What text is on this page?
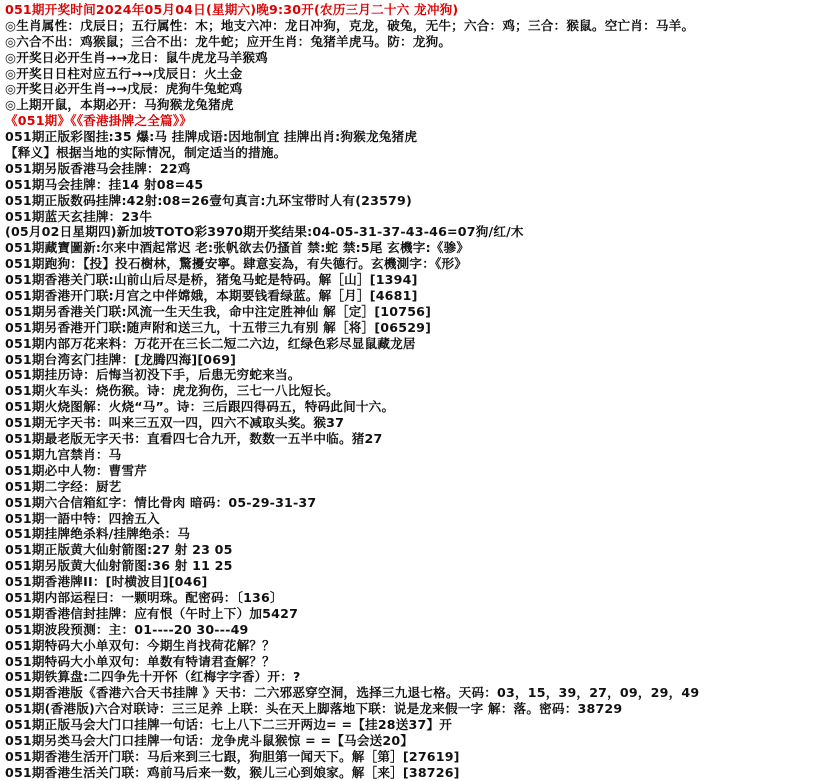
051期开奖时间2024年05月04日(星期六)晚9:30开(农历三月二十六 龙冲狗)
◎生肖属性：戊辰日；五行属性：木；地支六冲：龙日冲狗，克龙，破兔，无牛；六合：鸡；三合：猴鼠。空亡肖：马羊。
◎六合不出：鸡猴鼠；三合不出：龙牛蛇；应开生肖：兔猪羊虎马。防：龙狗。
◎开奖日必开生肖→→龙日：鼠牛虎龙马羊猴鸡
◎开奖日日柱对应五行→→戊辰日：火土金
◎开奖日必开生肖→→戊辰：虎狗牛兔蛇鸡
◎上期开鼠，本期必开：马狗猴龙兔猪虎
《051期》《《香港掛牌之全篇》》
051期正版彩图挂:35 爆:马 挂牌成语:因地制宜 挂牌出肖:狗猴龙兔猪虎
【释义】根据当地的实际情况，制定适当的措施。
051期另版香港马会挂牌：22鸡
051期马会挂牌：挂14 射08=45
051期正版数码挂牌:42射:08=26壹句真言:九环宝带时人有(23579)
051期蓝天玄挂牌：23牛
(05月02日星期四)新加坡TOTO彩3970期开奖结果:04-05-31-37-43-46=07狗/红/木
051期藏寶圖新:尔来中酒起常迟 老:张帆欲去仍搔首 禁:蛇 禁:5尾 玄機字:《骖》
051期跑狗：【投】投石樹林，驚擾安寧。肆意妄為，有失德行。玄機測字：《形》
051期香港关门联:山前山后尽是桥，猪兔马蛇是特码。解［山］[1394]
051期香港开门联:月宫之中伴嫦娥，本期要钱看绿蓝。解［月］[4681]
051期另香港关门联:风流一生天生我，命中注定胜神仙 解［定］[10756]
051期另香港开门联:随声附和送三九，十五带三九有别 解［将］[06529]
051期内部万花来料：万花开在三长二短二六边，红绿色彩尽显鼠藏龙居
051期台湾玄门挂牌：[龙腾四海][069]
051期挂历诗：后悔当初没下手，后患无穷蛇来当。
051期火车头：烧伤猴。诗：虎龙狗伤，三七一八比短长。
051期火烧图解：火烧“马”。诗：三后跟四得码五，特码此间十六。
051期无字天书：叫来三五双一四，四六不减取头奖。猴37
051期最老版无字天书：直看四七合九开，数数一五半中临。猪27
051期九宫禁肖：马
051期必中人物：曹雪芹
051期二字经：厨艺
051期六合信箱紅字：情比骨肉 暗码：05-29-31-37
051期一語中特：四捨五入
051期挂牌绝杀料/挂牌绝杀：马
051期正版黄大仙射箭图:27 射 23 05
051期另版黄大仙射箭图:36 射 11 25
051期香港牌II：[时横波目][046]
051期内部运程曰：一颗明珠。配密码：〔136〕
051期香港信封挂牌：应有恨（午时上下）加5427
051期波段预测：主：01----20 30---49
051期特码大小单双句：今期生肖找荷花解？？
051期特码大小单双句：单数有特请君查解？？
051期铁算盘:二四争先十开怀（红梅字字香）开：?
051期香港版《香港六合天书挂牌 》天书：二六邪恶穿空洞，选择三九退七格。天码：03，15，39，27，09，29，49
051期(香港版)六合对联诗：三三足养 上联：头在天上脚落地下联：说是龙来假一字 解：落。密码：38729
051期正版马会大门口挂牌一句话：七上八下二三开两边= =【挂28送37】开
051期另类马会大门口挂牌一句话：龙争虎斗鼠猴惊 = =【马会送20】
051期香港生活开门联：马后来到三七跟，狗胆第一闻天下。解［第］[27619]
051期香港生活关门联：鸡前马后来一数，猴儿三心到娘家。解［来］[38726]
